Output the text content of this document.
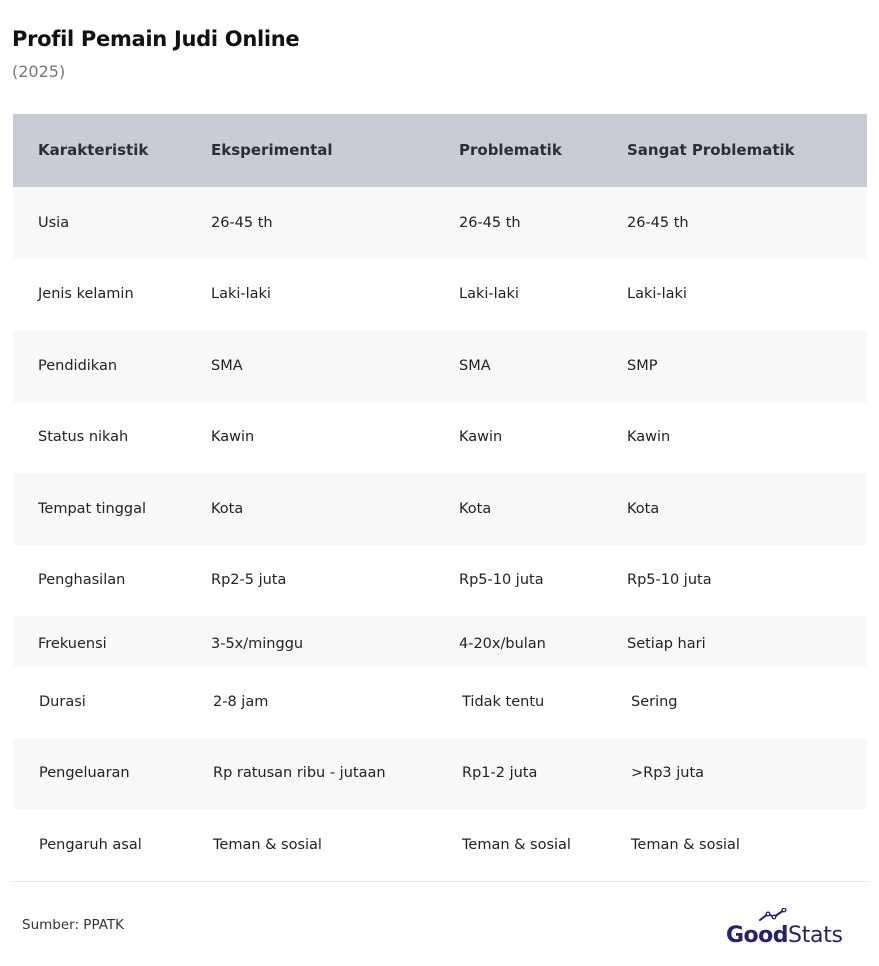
Profil Pemain Judi Online
(2025)
Karakteristik	Eksperimental	Problematik	Sangat Problematik
Usia	26-45 th	26-45 th	26-45 th
Jenis kelamin	Laki-laki	Laki-laki	Laki-laki
Pendidikan	SMA	SMA	SMP
Status nikah	Kawin	Kawin	Kawin
Tempat tinggal	Kota	Kota	Kota
Penghasilan	Rp2-5 juta	Rp5-10 juta	Rp5-10 juta
Frekuensi	3-5x/minggu	4-20x/bulan	Setiap hari
Durasi	2-8 jam	Tidak tentu	Sering
Pengeluaran	Rp ratusan ribu - jutaan	Rp1-2 juta	>Rp3 juta
Pengaruh asal	Teman & sosial	Teman & sosial	Teman & sosial
Sumber: PPATK	Good Stats
